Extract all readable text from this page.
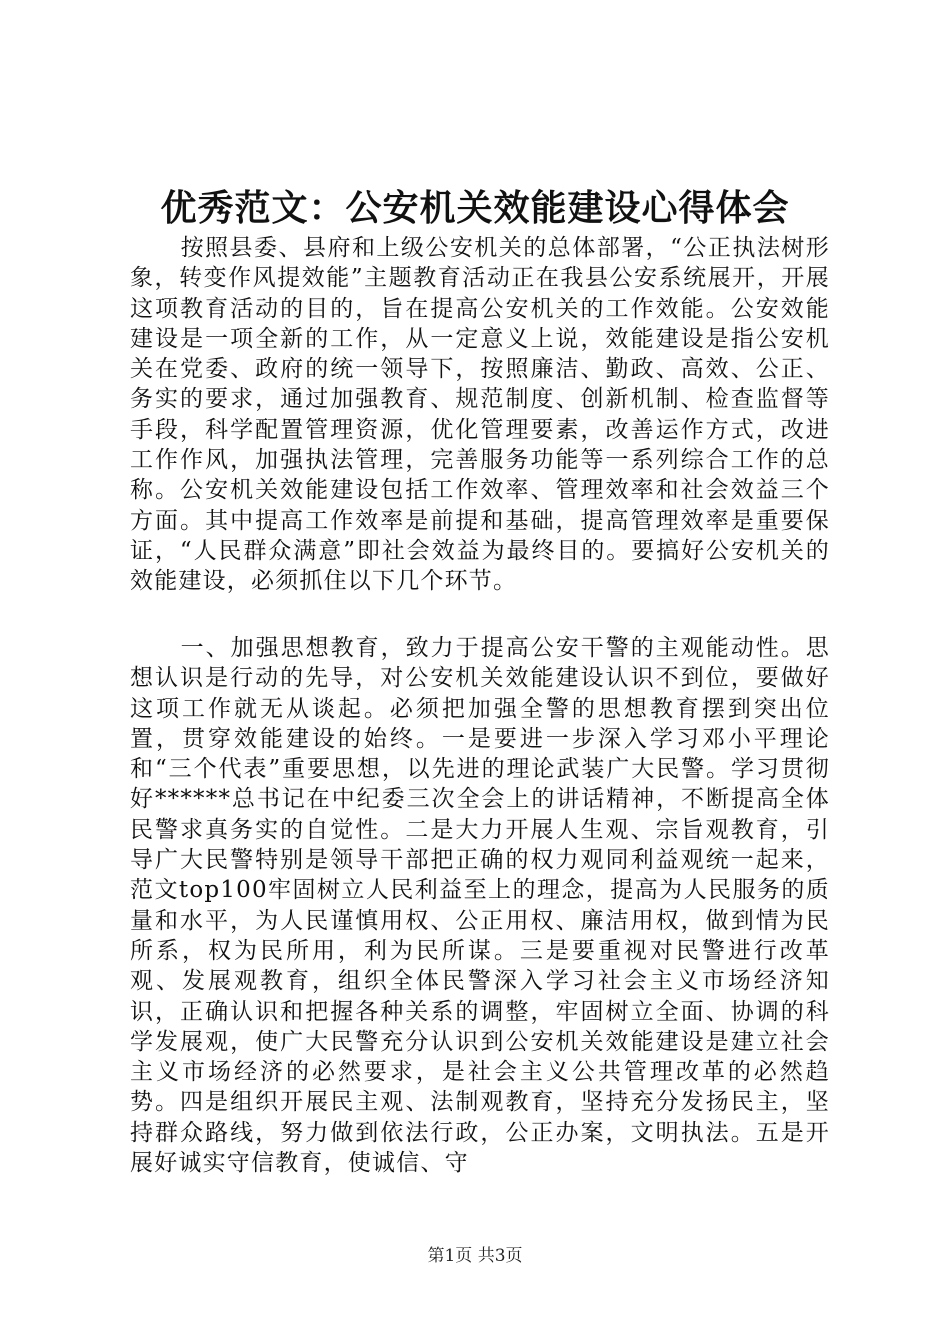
优秀范文：公安机关效能建设心得体会

按照县委、县府和上级公安机关的总体部署，“公正执法树形象，转变作风提效能”主题教育活动正在我县公安系统展开，开展这项教育活动的目的，旨在提高公安机关的工作效能。公安效能建设是一项全新的工作，从一定意义上说，效能建设是指公安机关在党委、政府的统一领导下，按照廉洁、勤政、高效、公正、务实的要求，通过加强教育、规范制度、创新机制、检查监督等手段，科学配置管理资源，优化管理要素，改善运作方式，改进工作作风，加强执法管理，完善服务功能等一系列综合工作的总称。公安机关效能建设包括工作效率、管理效率和社会效益三个方面。其中提高工作效率是前提和基础，提高管理效率是重要保证，“人民群众满意”即社会效益为最终目的。要搞好公安机关的效能建设，必须抓住以下几个环节。

一、加强思想教育，致力于提高公安干警的主观能动性。思想认识是行动的先导，对公安机关效能建设认识不到位，要做好这项工作就无从谈起。必须把加强全警的思想教育摆到突出位置，贯穿效能建设的始终。一是要进一步深入学习邓小平理论和“三个代表”重要思想，以先进的理论武装广大民警。学习贯彻好******总书记在中纪委三次全会上的讲话精神，不断提高全体民警求真务实的自觉性。二是大力开展人生观、宗旨观教育，引导广大民警特别是领导干部把正确的权力观同利益观统一起来，范文top100牢固树立人民利益至上的理念，提高为人民服务的质量和水平，为人民谨慎用权、公正用权、廉洁用权，做到情为民所系，权为民所用，利为民所谋。三是要重视对民警进行改革观、发展观教育，组织全体民警深入学习社会主义市场经济知识，正确认识和把握各种关系的调整，牢固树立全面、协调的科学发展观，使广大民警充分认识到公安机关效能建设是建立社会主义市场经济的必然要求，是社会主义公共管理改革的必然趋势。四是组织开展民主观、法制观教育，坚持充分发扬民主，坚持群众路线，努力做到依法行政，公正办案，文明执法。五是开展好诚实守信教育，使诚信、守

第1页 共3页
